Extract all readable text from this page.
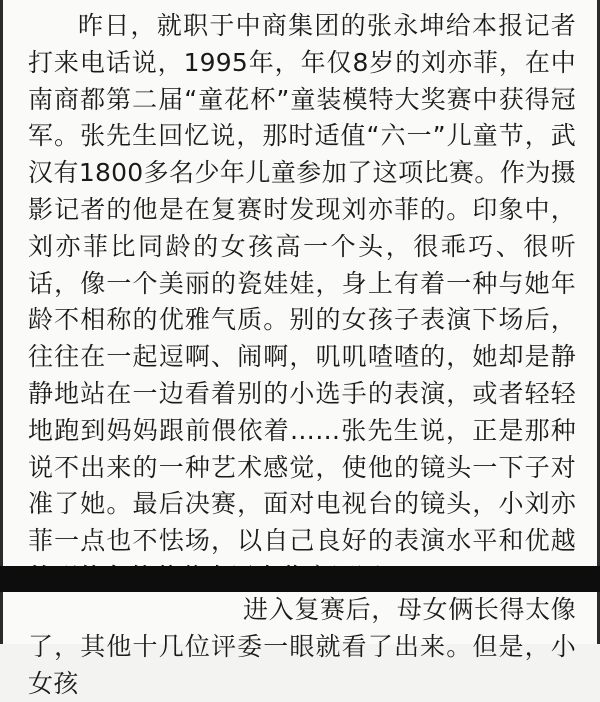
昨日，就职于中商集团的张永坤给本报记者打来电话说，1995年，年仅8岁的刘亦菲，在中南商都第二届“童花杯”童装模特大奖赛中获得冠军。张先生回忆说，那时适值“六一”儿童节，武汉有1800多名少年儿童参加了这项比赛。作为摄影记者的他是在复赛时发现刘亦菲的。印象中，刘亦菲比同龄的女孩高一个头，很乖巧、很听话，像一个美丽的瓷娃娃，身上有着一种与她年龄不相称的优雅气质。别的女孩子表演下场后，往往在一起逗啊、闹啊，叽叽喳喳的，她却是静静地站在一边看着别的小选手的表演，或者轻轻地跑到妈妈跟前偎依着……张先生说，正是那种说不出来的一种艺术感觉，使他的镜头一下子对准了她。最后决赛，面对电视台的镜头，小刘亦菲一点也不怯场，以自己良好的表演水平和优越

进入复赛后，母女俩长得太像了，其他十几位评委一眼就看了出来。但是，小女孩
